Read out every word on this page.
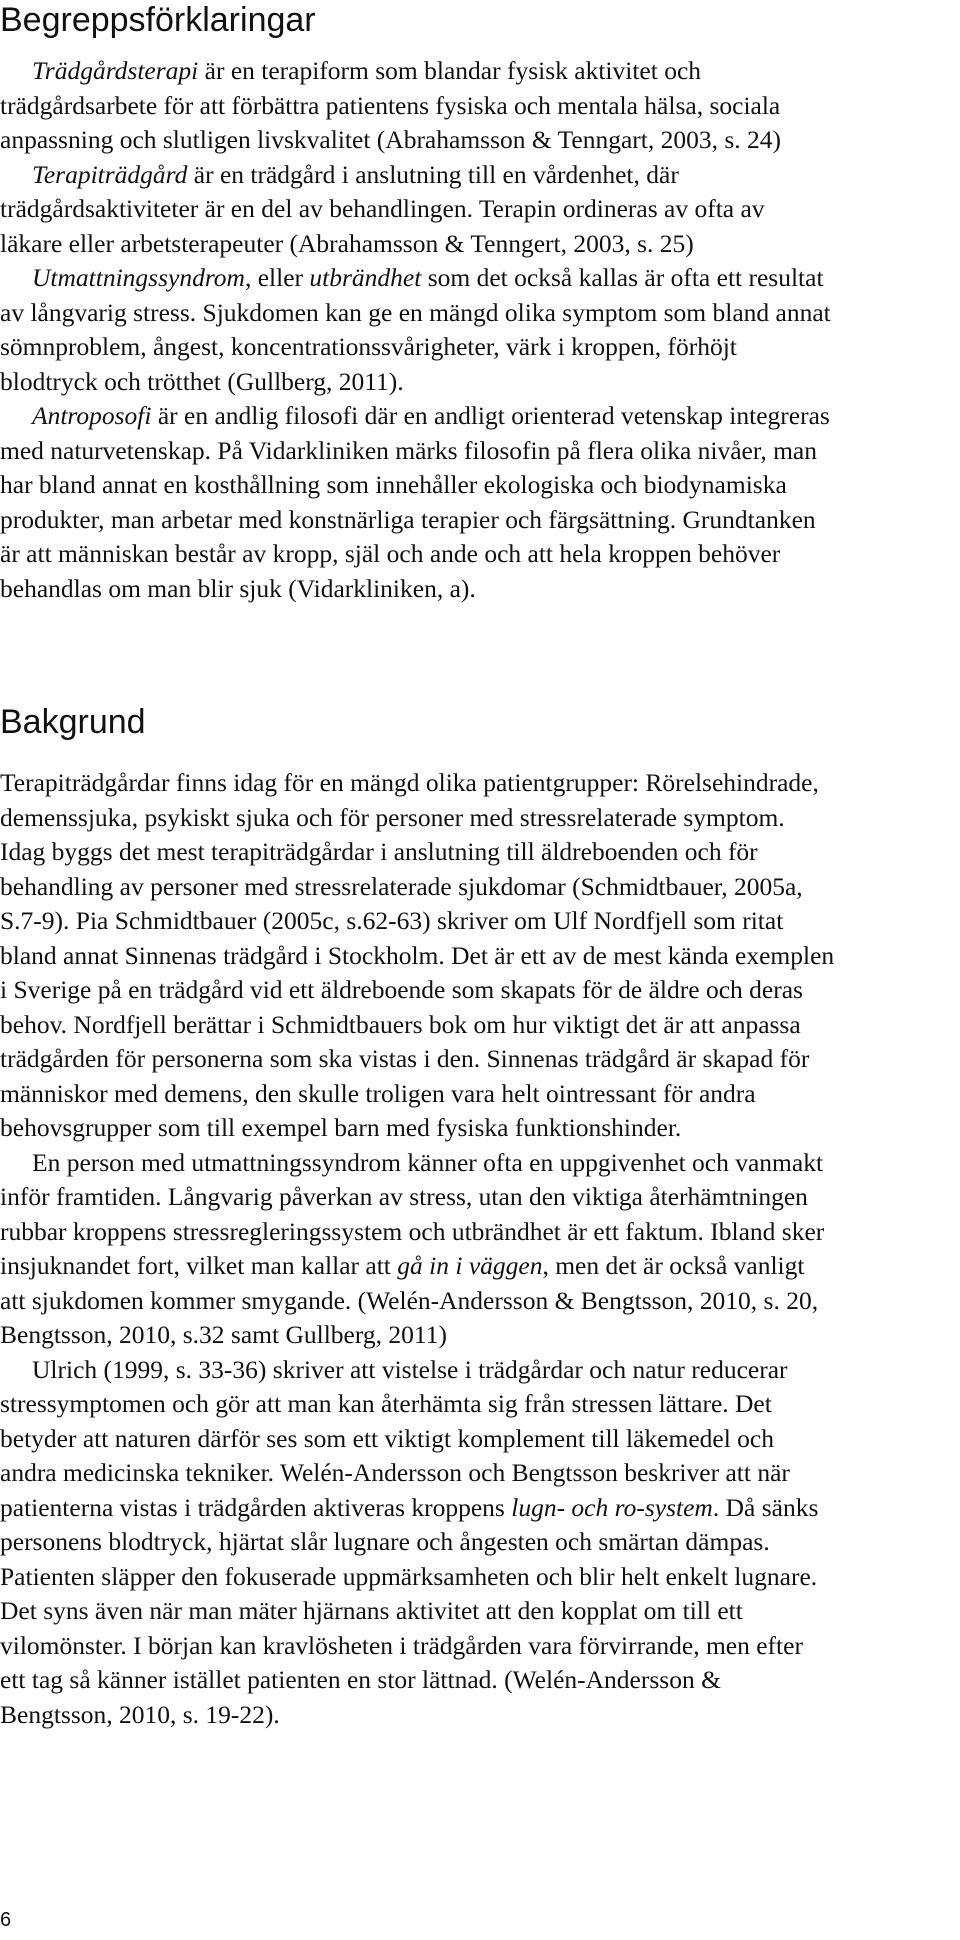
Begreppsförklaringar
Trädgårdsterapi är en terapiform som blandar fysisk aktivitet och
trädgårdsarbete för att förbättra patientens fysiska och mentala hälsa, sociala
anpassning och slutligen livskvalitet (Abrahamsson & Tenngart, 2003, s. 24)
Terapiträdgård är en trädgård i anslutning till en vårdenhet, där
trädgårdsaktiviteter är en del av behandlingen. Terapin ordineras av ofta av
läkare eller arbetsterapeuter (Abrahamsson & Tenngert, 2003, s. 25)
Utmattningssyndrom, eller utbrändhet som det också kallas är ofta ett resultat
av långvarig stress. Sjukdomen kan ge en mängd olika symptom som bland annat
sömnproblem, ångest, koncentrationssvårigheter, värk i kroppen, förhöjt
blodtryck och trötthet (Gullberg, 2011).
Antroposofi är en andlig filosofi där en andligt orienterad vetenskap integreras
med naturvetenskap. På Vidarkliniken märks filosofin på flera olika nivåer, man
har bland annat en kosthållning som innehåller ekologiska och biodynamiska
produkter, man arbetar med konstnärliga terapier och färgsättning. Grundtanken
är att människan består av kropp, själ och ande och att hela kroppen behöver
behandlas om man blir sjuk (Vidarkliniken, a).
Bakgrund
Terapiträdgårdar finns idag för en mängd olika patientgrupper: Rörelsehindrade,
demenssjuka, psykiskt sjuka och för personer med stressrelaterade symptom.
Idag byggs det mest terapiträdgårdar i anslutning till äldreboenden och för
behandling av personer med stressrelaterade sjukdomar (Schmidtbauer, 2005a,
S.7-9). Pia Schmidtbauer (2005c, s.62-63) skriver om Ulf Nordfjell som ritat
bland annat Sinnenas trädgård i Stockholm. Det är ett av de mest kända exemplen
i Sverige på en trädgård vid ett äldreboende som skapats för de äldre och deras
behov. Nordfjell berättar i Schmidtbauers bok om hur viktigt det är att anpassa
trädgården för personerna som ska vistas i den. Sinnenas trädgård är skapad för
människor med demens, den skulle troligen vara helt ointressant för andra
behovsgrupper som till exempel barn med fysiska funktionshinder.
En person med utmattningssyndrom känner ofta en uppgivenhet och vanmakt
inför framtiden. Långvarig påverkan av stress, utan den viktiga återhämtningen
rubbar kroppens stressregleringssystem och utbrändhet är ett faktum. Ibland sker
insjuknandet fort, vilket man kallar att gå in i väggen, men det är också vanligt
att sjukdomen kommer smygande. (Welén-Andersson & Bengtsson, 2010, s. 20,
Bengtsson, 2010, s.32 samt Gullberg, 2011)
Ulrich (1999, s. 33-36) skriver att vistelse i trädgårdar och natur reducerar
stressymptomen och gör att man kan återhämta sig från stressen lättare. Det
betyder att naturen därför ses som ett viktigt komplement till läkemedel och
andra medicinska tekniker. Welén-Andersson och Bengtsson beskriver att när
patienterna vistas i trädgården aktiveras kroppens lugn- och ro-system. Då sänks
personens blodtryck, hjärtat slår lugnare och ångesten och smärtan dämpas.
Patienten släpper den fokuserade uppmärksamheten och blir helt enkelt lugnare.
Det syns även när man mäter hjärnans aktivitet att den kopplat om till ett
vilomönster. I början kan kravlösheten i trädgården vara förvirrande, men efter
ett tag så känner istället patienten en stor lättnad. (Welén-Andersson &
Bengtsson, 2010, s. 19-22).
6
